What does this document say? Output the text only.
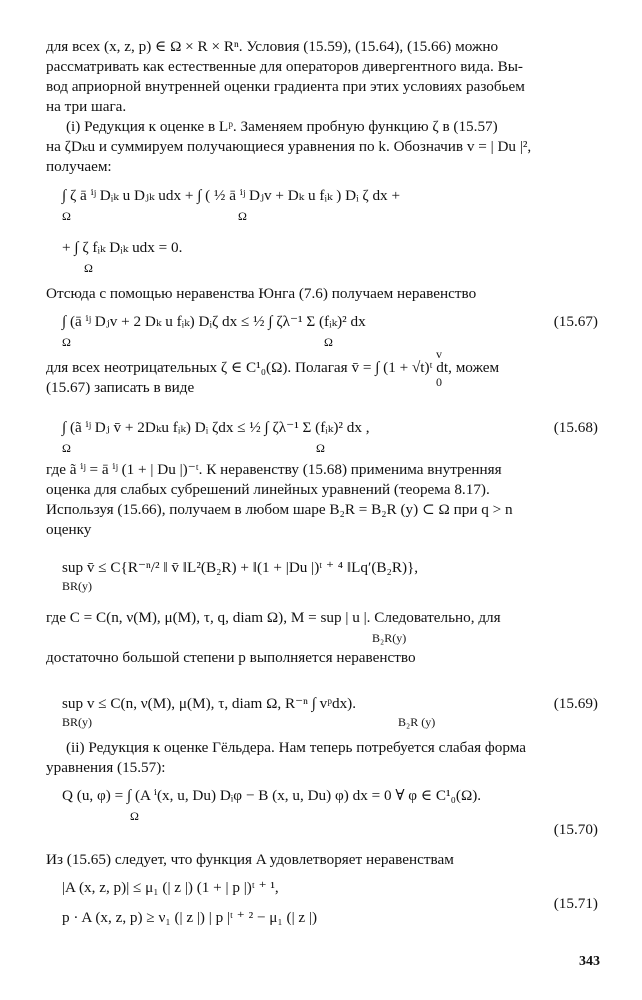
для всех (x, z, p) ∈ Ω × R × Rⁿ. Условия (15.59), (15.64), (15.66) можно
рассматривать как естественные для операторов дивергентного вида. Вы-
вод априорной внутренней оценки градиента при этих условиях разобьем
на три шага.

(i) Редукция к оценке в Lᵖ. Заменяем пробную функцию ζ в (15.57)
на ζDₖu и суммируем получающиеся уравнения по k. Обозначив v = | Du |²,
получаем:

∫ ζ ā ⁱʲ Dᵢₖ u Dⱼₖ udx + ∫ ( ½ ā ⁱʲ Dⱼv + Dₖ u fᵢₖ ) Dᵢ ζ dx +
Ω	Ω
+ ∫ ζ fᵢₖ Dᵢₖ udx = 0.
Ω

Отсюда с помощью неравенства Юнга (7.6) получаем неравенство

∫ (ā ⁱʲ Dⱼv + 2 Dₖ u fᵢₖ) Dᵢζ dx ≤ ½ ∫ ζλ⁻¹ Σ (fᵢₖ)² dx
Ω	Ω
(15.67)
v

для всех неотрицательных ζ ∈ C¹₀(Ω). Полагая v̄ = ∫ (1 + √t)ᵗ dt, можем
(15.67) записать в виде	0
∫ (ã ⁱʲ Dⱼ v̄ + 2Dₖu fᵢₖ) Dᵢ ζdx ≤ ½ ∫ ζλ⁻¹ Σ (fᵢₖ)² dx ,
Ω	Ω
(15.68)

где ã ⁱʲ = ā ⁱʲ (1 + | Du |)⁻ᵗ. К неравенству (15.68) применима внутренняя
оценка для слабых субрешений линейных уравнений (теорема 8.17).
Используя (15.66), получаем в любом шаре B₂R = B₂R (y) ⊂ Ω при q > n
оценку

sup v̄ ≤ C{R⁻ⁿ/² ‖ v̄ ‖L²(B₂R) + ‖(1 + |Du |)ᵗ ⁺ ⁴ ‖Lq′(B₂R)},
BR(y)

где C = C(n, ν(M), μ(M), τ, q, diam Ω), M = sup | u |. Следовательно, для

B₂R(y)

достаточно большой степени p выполняется неравенство

sup v ≤ C(n, ν(M), μ(M), τ, diam Ω, R⁻ⁿ ∫ vᵖdx).
BR(y)	B₂R (y)
(15.69)

(ii) Редукция к оценке Гёльдера. Нам теперь потребуется слабая форма
уравнения (15.57):

Q (u, φ) = ∫ (A ⁱ(x, u, Du) Dᵢφ − B (x, u, Du) φ) dx = 0 ∀ φ ∈ C¹₀(Ω).
Ω
(15.70)

Из (15.65) следует, что функция A удовлетворяет неравенствам

|A (x, z, p)| ≤ μ₁ (| z |) (1 + | p |)ᵗ ⁺ ¹,
p · A (x, z, p) ≥ ν₁ (| z |) | p |ᵗ ⁺ ² − μ₁ (| z |)
(15.71)
343
